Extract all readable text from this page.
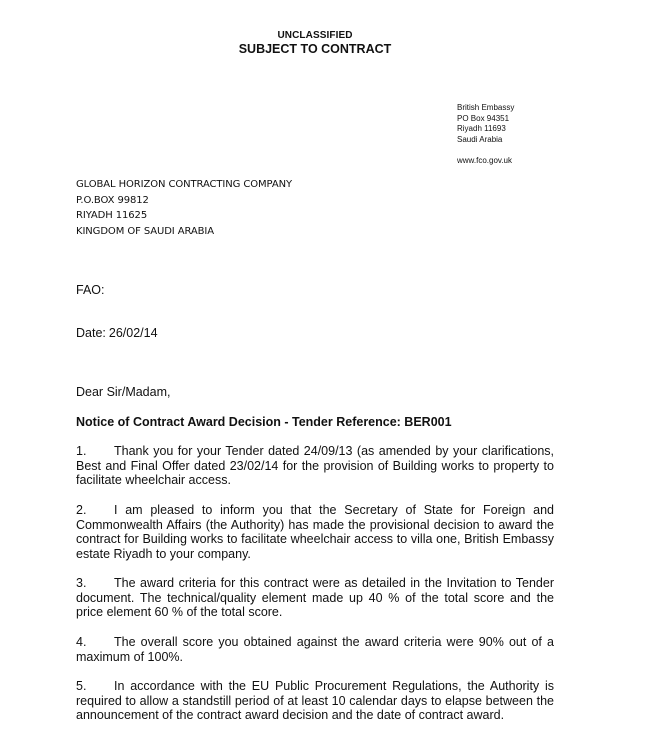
UNCLASSIFIED
SUBJECT TO CONTRACT
British Embassy
PO Box 94351
Riyadh 11693
Saudi Arabia
www.fco.gov.uk
GLOBAL HORIZON CONTRACTING COMPANY
P.O.BOX 99812
RIYADH 11625
KINGDOM OF SAUDI ARABIA
FAO:
Date: 26/02/14
Dear Sir/Madam,
Notice of Contract Award Decision - Tender Reference: BER001
1. Thank you for your Tender dated 24/09/13 (as amended by your clarifications, Best and Final Offer dated 23/02/14 for the provision of Building works to property to facilitate wheelchair access.
2. I am pleased to inform you that the Secretary of State for Foreign and Commonwealth Affairs (the Authority) has made the provisional decision to award the contract for Building works to facilitate wheelchair access to villa one, British Embassy estate Riyadh to your company.
3. The award criteria for this contract were as detailed in the Invitation to Tender document. The technical/quality element made up 40 % of the total score and the price element 60 % of the total score.
4. The overall score you obtained against the award criteria were 90% out of a maximum of 100%.
5. In accordance with the EU Public Procurement Regulations, the Authority is required to allow a standstill period of at least 10 calendar days to elapse between the announcement of the contract award decision and the date of contract award.
